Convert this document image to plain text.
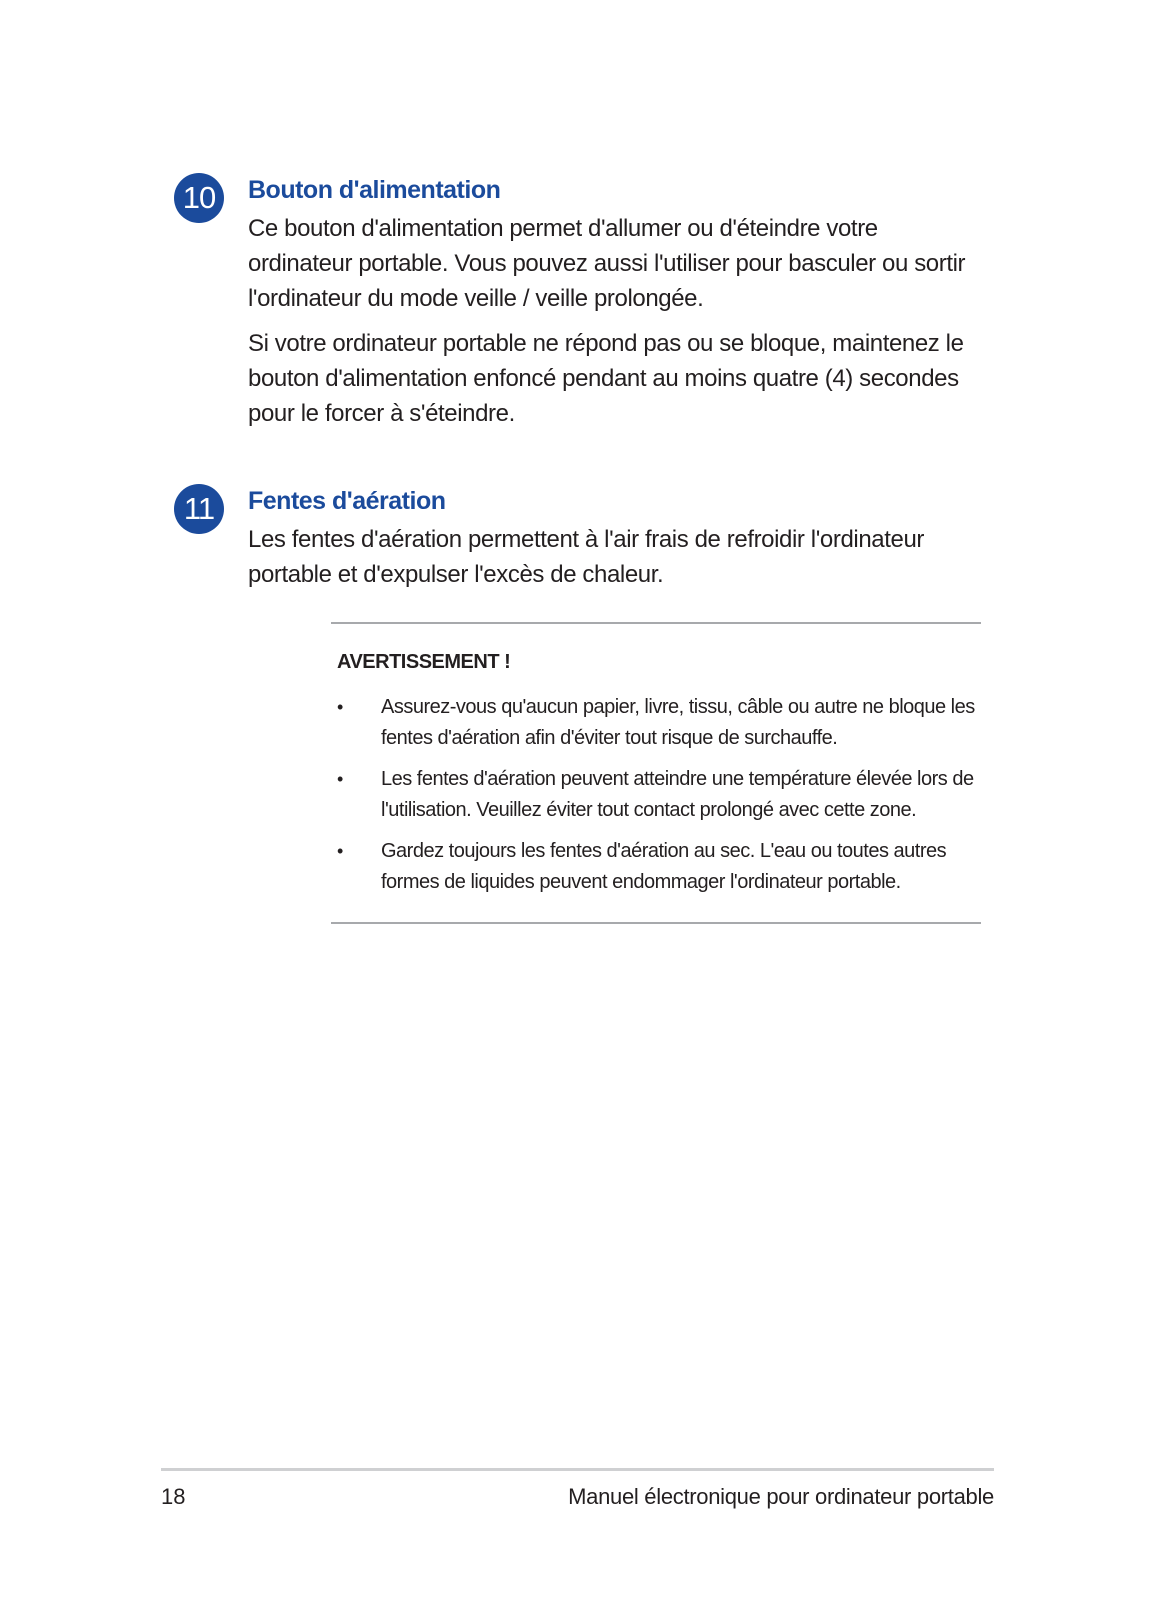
10	Bouton d'alimentation

Ce bouton d'alimentation permet d'allumer ou d'éteindre votre ordinateur portable. Vous pouvez aussi l'utiliser pour basculer ou sortir l'ordinateur du mode veille / veille prolongée.

Si votre ordinateur portable ne répond pas ou se bloque, maintenez le bouton d'alimentation enfoncé pendant au moins quatre (4) secondes pour le forcer à s'éteindre.

11	Fentes d'aération

Les fentes d'aération permettent à l'air frais de refroidir l'ordinateur portable et d'expulser l'excès de chaleur.

AVERTISSEMENT !

• Assurez-vous qu'aucun papier, livre, tissu, câble ou autre ne bloque les fentes d'aération afin d'éviter tout risque de surchauffe.
• Les fentes d'aération peuvent atteindre une température élevée lors de l'utilisation. Veuillez éviter tout contact prolongé avec cette zone.
• Gardez toujours les fentes d'aération au sec. L'eau ou toutes autres formes de liquides peuvent endommager l'ordinateur portable.
18	Manuel électronique pour ordinateur portable
